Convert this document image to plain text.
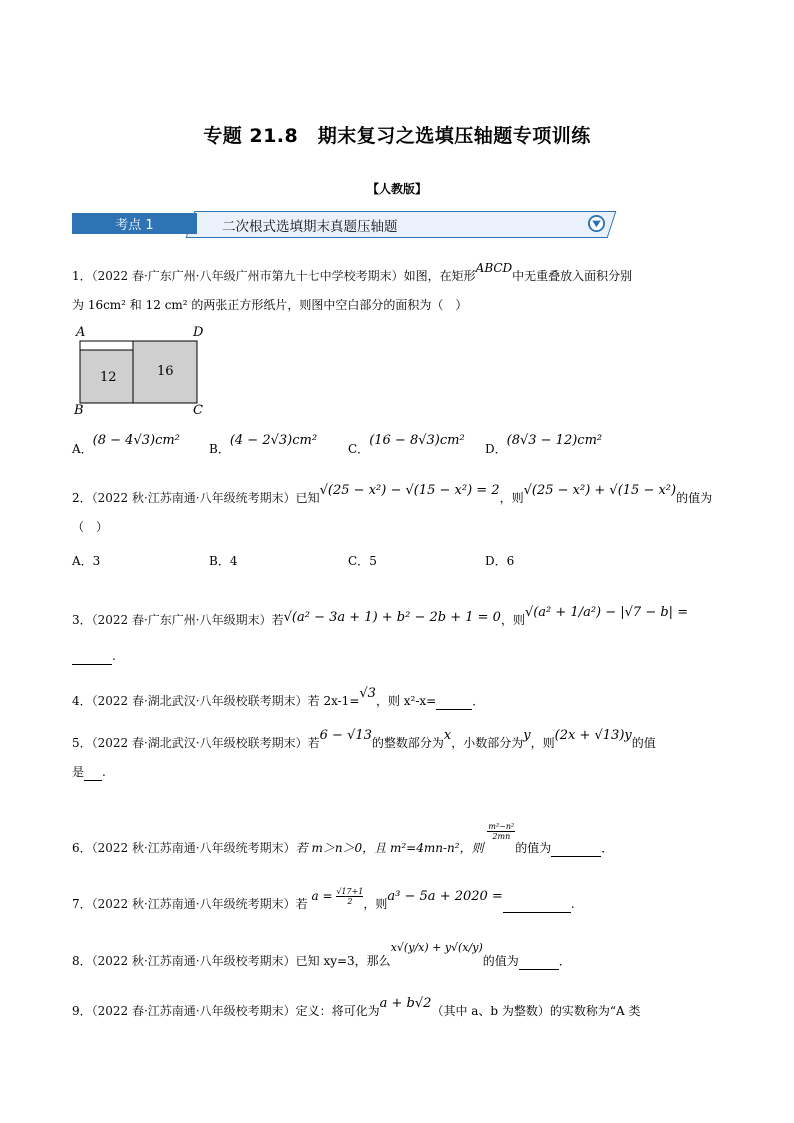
专题 21.8　期末复习之选填压轴题专项训练
【人教版】
考点 1	二次根式选填期末真题压轴题
1．（2022 春·广东广州·八年级广州市第九十七中学校考期末）如图，在矩形ABCD中无重叠放入面积分别
为 16cm² 和 12 cm² 的两张正方形纸片，则图中空白部分的面积为（　）
A	D
B	C
12	16
A．(8 − 4√3)cm²
B．(4 − 2√3)cm²
C．(16 − 8√3)cm²
D．(8√3 − 12)cm²
2．（2022 秋·江苏南通·八年级统考期末）已知√(25 − x²) − √(15 − x²) = 2，则√(25 − x²) + √(15 − x²)的值为
（　）
A．3	B．4	C．5	D．6
3．（2022 春·广东广州·八年级期末）若√(a² − 3a + 1) + b² − 2b + 1 = 0，则√(a² + 1/a²) − |√7 − b| =
.
4．（2022 春·湖北武汉·八年级校联考期末）若 2x-1=√3，则 x²-x=	．
5．（2022 春·湖北武汉·八年级校联考期末）若6 − √13的整数部分为x，小数部分为y，则(2x + √13)y的值
是 .
6．（2022 秋·江苏南通·八年级统考期末）若 m＞n＞0，且 m²=4mn-n²，则
$\frac{\text{m²−n²}}{2mn}$
的值为	．
7．（2022 秋·江苏南通·八年级统考期末）若 $a = \frac{√17+1}{2}$ ，则a³ − 5a + 2020 =	.
8．（2022 秋·江苏南通·八年级校考期末）已知 xy=3，那么x√(y/x) + y√(x/y)的值为	．
9．（2022 春·江苏南通·八年级校考期末）定义：将可化为a + b√2（其中 a、b 为整数）的实数称为“A 类
